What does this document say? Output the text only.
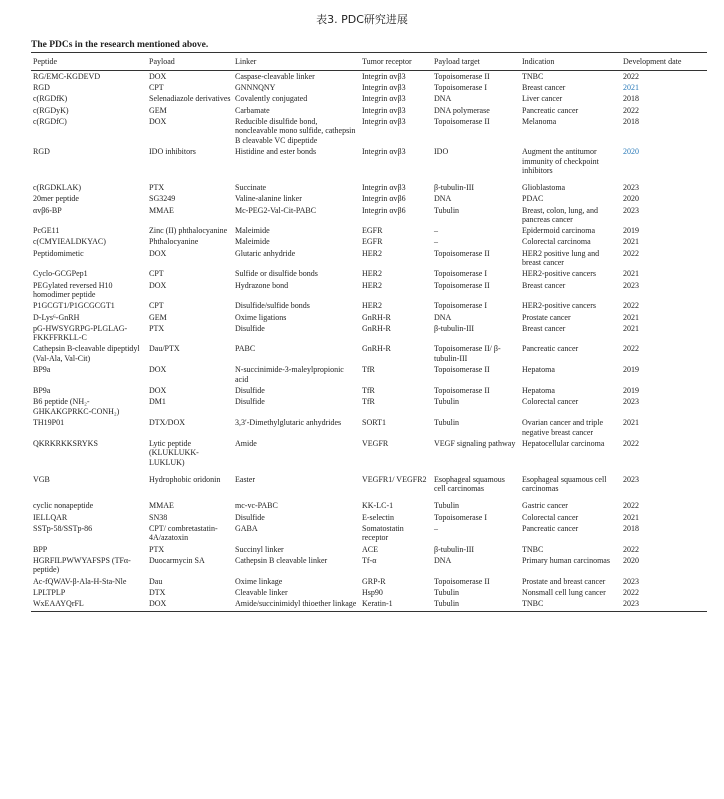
表3. PDC研究进展
The PDCs in the research mentioned above.
Peptide	Payload	Linker	Tumor receptor	Payload target	Indication	Development date
RG/EMC-KGDEVD	DOX	Caspase-cleavable linker	Integrin αvβ3	Topoisomerase II	TNBC	2022
RGD	CPT	GNNNQNY	Integrin αvβ3	Topoisomerase I	Breast cancer	2021
c(RGDfK)	Selenadiazole derivatives	Covalently conjugated	Integrin αvβ3	DNA	Liver cancer	2018
c(RGDyK)	GEM	Carbamate	Integrin αvβ3	DNA polymerase	Pancreatic cancer	2022
c(RGDfC)	DOX	Reducible disulfide bond, noncleavable mono sulfide, cathepsin B cleavable VC dipeptide	Integrin αvβ3	Topoisomerase II	Melanoma	2018
RGD	IDO inhibitors	Histidine and ester bonds	Integrin αvβ3	IDO	Augment the antitumor immunity of checkpoint inhibitors	2020
c(RGDKLAK)	PTX	Succinate	Integrin αvβ3	β-tubulin-III	Glioblastoma	2023
20mer peptide	SG3249	Valine-alanine linker	Integrin αvβ6	DNA	PDAC	2020
αvβ6-BP	MMAE	Mc-PEG2-Val-Cit-PABC	Integrin αvβ6	Tubulin	Breast, colon, lung, and pancreas cancer	2023
PcGE11	Zinc (II) phthalocyanine	Maleimide	EGFR	–	Epidermoid carcinoma	2019
c(CMYIEALDKYAC)	Phthalocyanine	Maleimide	EGFR	–	Colorectal carcinoma	2021
Peptidomimetic	DOX	Glutaric anhydride	HER2	Topoisomerase II	HER2 positive lung and breast cancer	2022
Cyclo-GCGPep1	CPT	Sulfide or disulfide bonds	HER2	Topoisomerase I	HER2-positive cancers	2021
PEGylated reversed H10 homodimer peptide	DOX	Hydrazone bond	HER2	Topoisomerase II	Breast cancer	2023
P1GCGT1/P1GCGCGT1	CPT	Disulfide/sulfide bonds	HER2	Topoisomerase I	HER2-positive cancers	2022
D-Lys⁶-GnRH	GEM	Oxime ligations	GnRH-R	DNA	Prostate cancer	2021
pG-HWSYGRPG-PLGLAG-FKKFFRKLL-C	PTX	Disulfide	GnRH-R	β-tubulin-III	Breast cancer	2021
Cathepsin B-cleavable dipeptidyl (Val-Ala, Val-Cit)	Dau/PTX	PABC	GnRH-R	Topoisomerase II/ β-tubulin-III	Pancreatic cancer	2022
BP9a	DOX	N-succinimide-3-maleylpropionic acid	TfR	Topoisomerase II	Hepatoma	2019
BP9a	DOX	Disulfide	TfR	Topoisomerase II	Hepatoma	2019
B6 peptide (NH₂-GHKAKGPRKC-CONH₂)	DM1	Disulfide	TfR	Tubulin	Colorectal cancer	2023
TH19P01	DTX/DOX	3,3′-Dimethylglutaric anhydrides	SORT1	Tubulin	Ovarian cancer and triple negative breast cancer	2021
QKRKRKKSRYKS	Lytic peptide (KLUKLUKK-LUKLUK)	Amide	VEGFR	VEGF signaling pathway	Hepatocellular carcinoma	2022
VGB	Hydrophobic oridonin	Easter	VEGFR1/ VEGFR2	Esophageal squamous cell carcinomas	Esophageal squamous cell carcinomas	2023
cyclic nonapeptide	MMAE	mc-vc-PABC	KK-LC-1	Tubulin	Gastric cancer	2022
IELLQAR	SN38	Disulfide	E-selectin	Topoisomerase I	Colorectal cancer	2021
SSTp-58/SSTp-86	CPT/ combretastatin-4A/azatoxin	GABA	Somatostatin receptor	–	Pancreatic cancer	2018
BPP	PTX	Succinyl linker	ACE	β-tubulin-III	TNBC	2022
HGRFILPWWYAFSPS (TFα-peptide)	Duocarmycin SA	Cathepsin B cleavable linker	Tf-α	DNA	Primary human carcinomas	2020
Ac-fQWAV-β-Ala-H-Sta-Nle	Dau	Oxime linkage	GRP-R	Topoisomerase II	Prostate and breast cancer	2023
LPLTPLP	DTX	Cleavable linker	Hsp90	Tubulin	Nonsmall cell lung cancer	2022
WxEAAYQrFL	DOX	Amide/succinimidyl thioether linkage	Keratin-1	Tubulin	TNBC	2023
